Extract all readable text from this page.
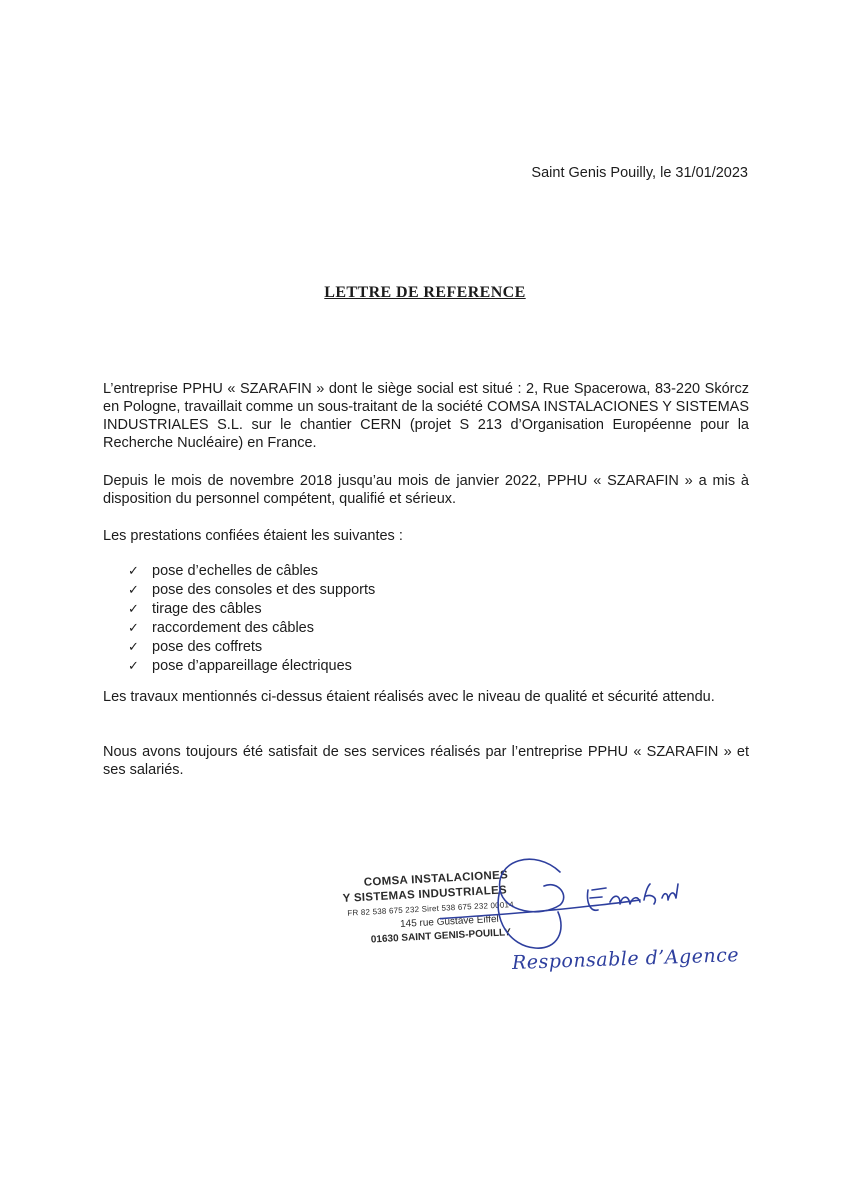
Saint Genis Pouilly, le 31/01/2023
LETTRE DE REFERENCE

L’entreprise PPHU « SZARAFIN » dont le siège social est situé : 2, Rue Spacerowa, 83-220 Skórcz en Pologne, travaillait comme un sous-traitant de la société COMSA INSTALACIONES Y SISTEMAS INDUSTRIALES S.L. sur le chantier CERN (projet S 213 d’Organisation Européenne pour la Recherche Nucléaire) en France.

Depuis le mois de novembre 2018 jusqu’au mois de janvier 2022, PPHU « SZARAFIN » a mis à disposition du personnel compétent, qualifié et sérieux.

Les prestations confiées étaient les suivantes :

✓ pose d’echelles de câbles
✓ pose des consoles et des supports
✓ tirage des câbles
✓ raccordement des câbles
✓ pose des coffrets
✓ pose d’appareillage électriques

Les travaux mentionnés ci-dessus étaient réalisés avec le niveau de qualité et sécurité attendu.

Nous avons toujours été satisfait de ses services réalisés par l’entreprise PPHU « SZARAFIN » et ses salariés.

COMSA INSTALACIONES
Y SISTEMAS INDUSTRIALES
FR 82 538 675 232 Siret 538 675 232 00014
145 rue Gustave Eiffel
01630 SAINT GENIS-POUILLY
Responsable d’Agence
